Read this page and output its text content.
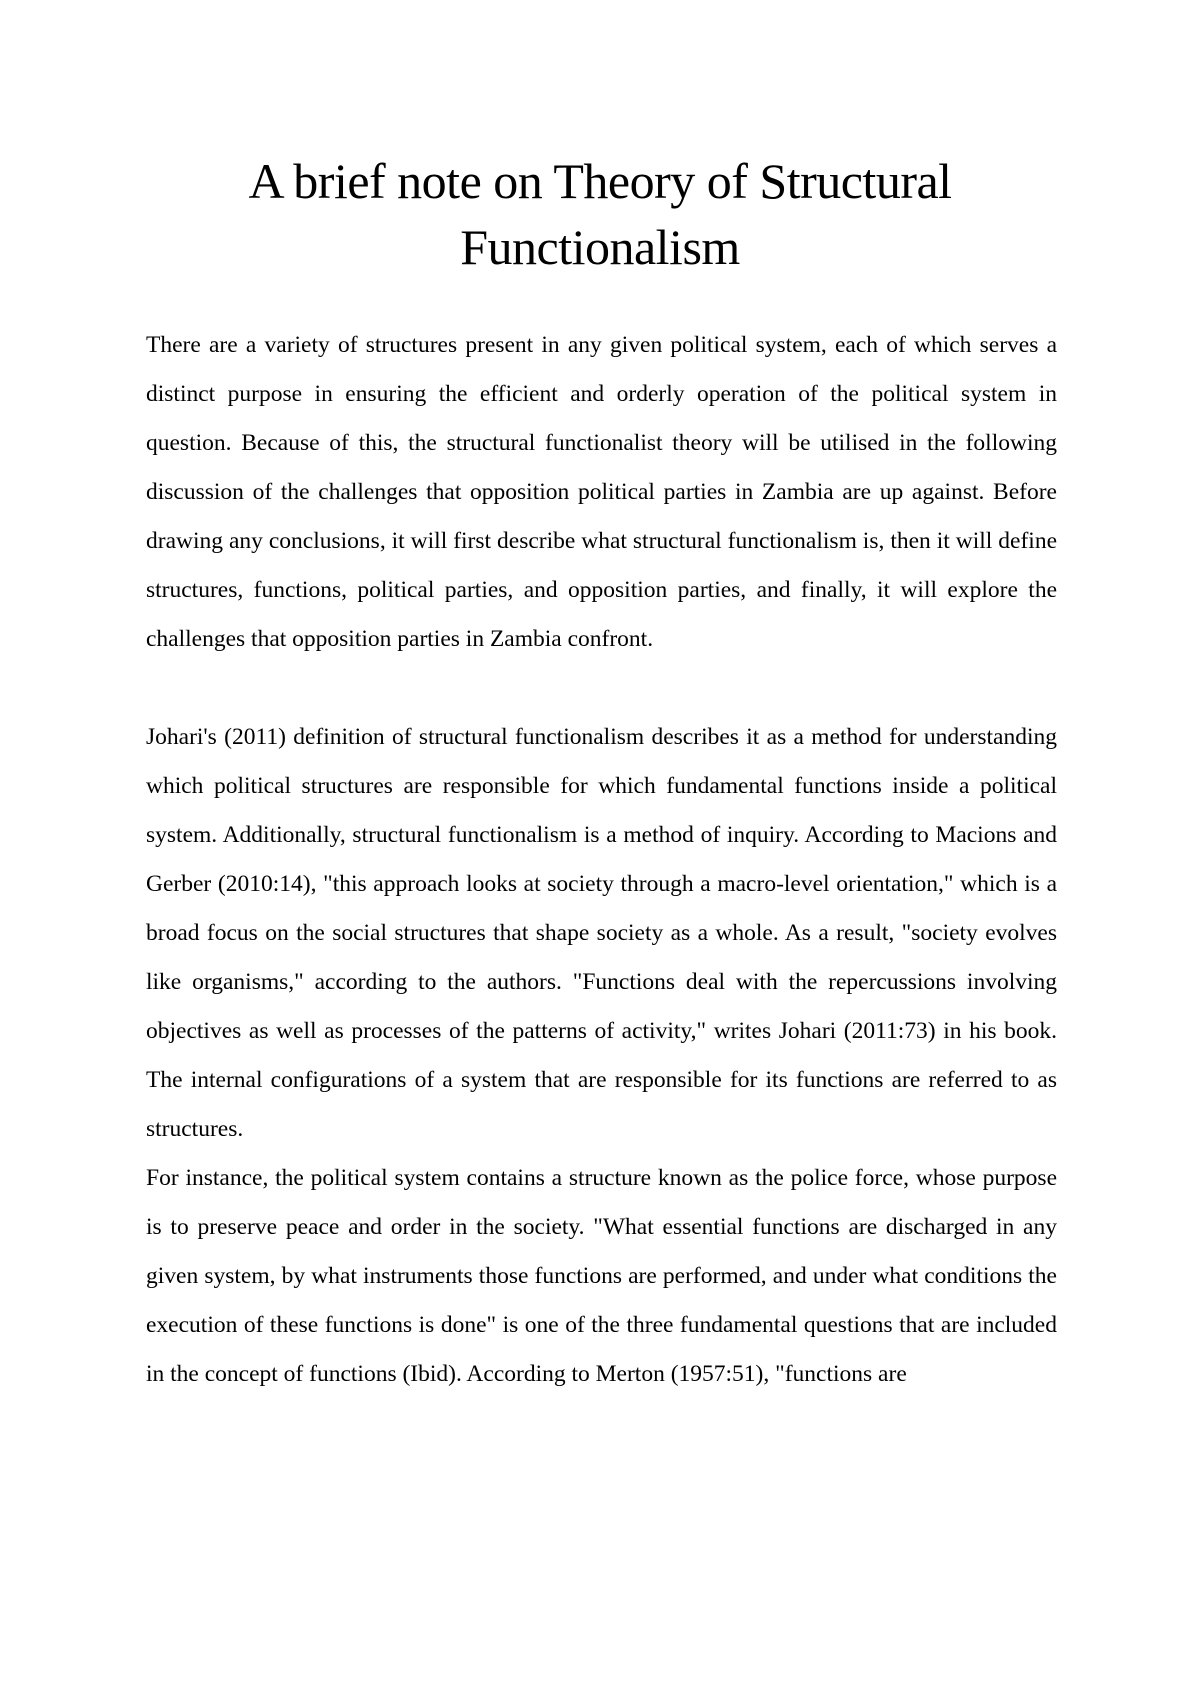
A brief note on Theory of Structural Functionalism

There are a variety of structures present in any given political system, each of which serves a distinct purpose in ensuring the efficient and orderly operation of the political system in question. Because of this, the structural functionalist theory will be utilised in the following discussion of the challenges that opposition political parties in Zambia are up against. Before drawing any conclusions, it will first describe what structural functionalism is, then it will define structures, functions, political parties, and opposition parties, and finally, it will explore the challenges that opposition parties in Zambia confront.

Johari's (2011) definition of structural functionalism describes it as a method for understanding which political structures are responsible for which fundamental functions inside a political system. Additionally, structural functionalism is a method of inquiry. According to Macions and Gerber (2010:14), "this approach looks at society through a macro-level orientation," which is a broad focus on the social structures that shape society as a whole. As a result, "society evolves like organisms," according to the authors. "Functions deal with the repercussions involving objectives as well as processes of the patterns of activity," writes Johari (2011:73) in his book. The internal configurations of a system that are responsible for its functions are referred to as structures.

For instance, the political system contains a structure known as the police force, whose purpose is to preserve peace and order in the society. "What essential functions are discharged in any given system, by what instruments those functions are performed, and under what conditions the execution of these functions is done" is one of the three fundamental questions that are included in the concept of functions (Ibid). According to Merton (1957:51), "functions are
